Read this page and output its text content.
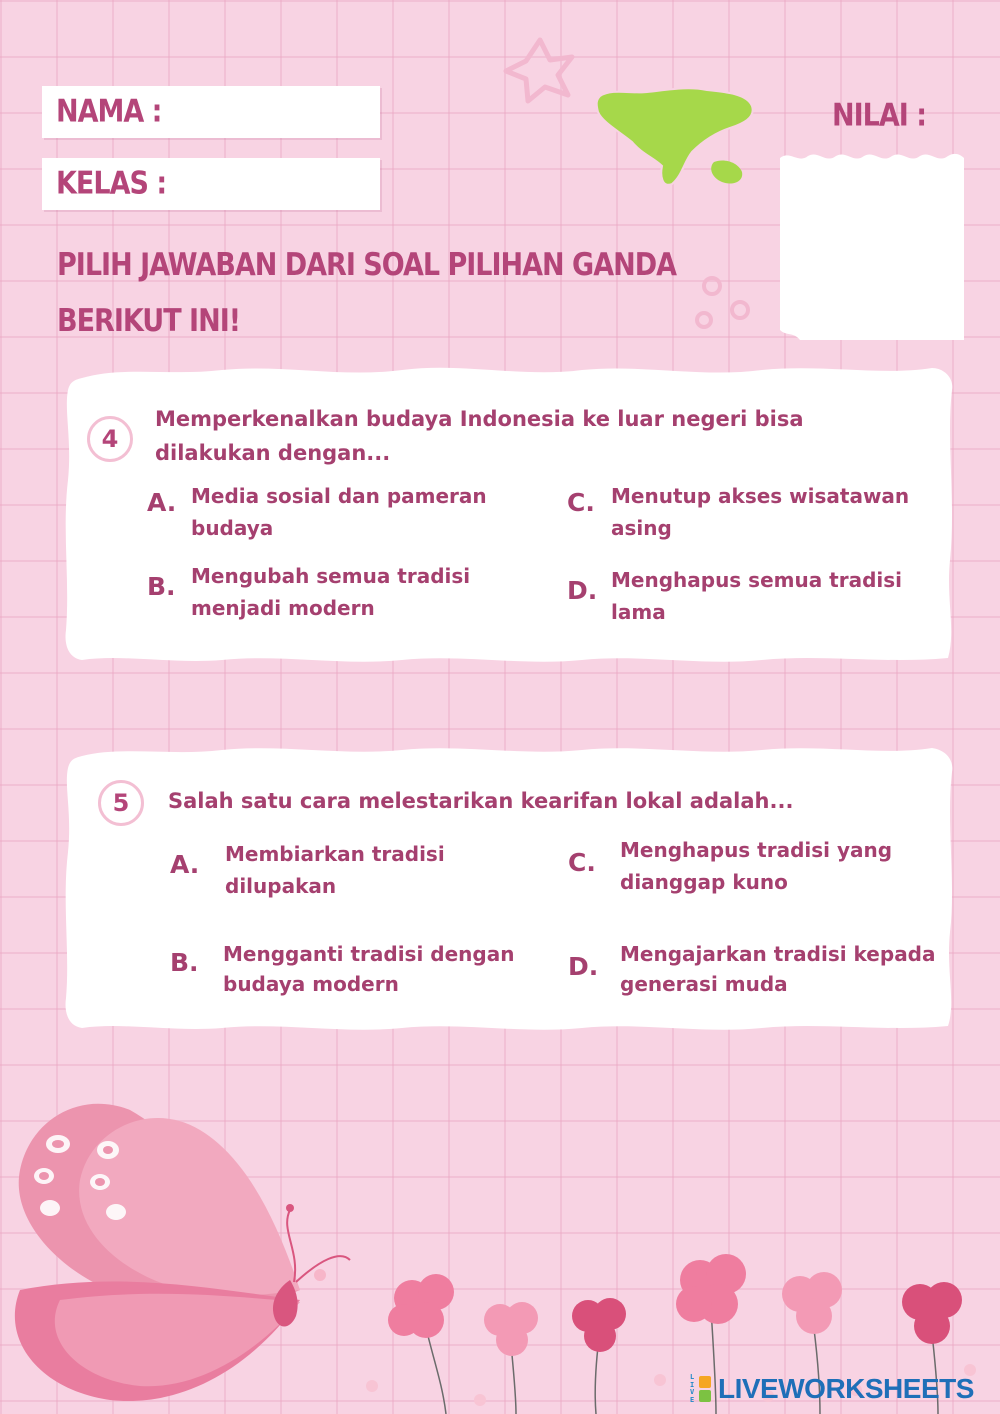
NAMA :
KELAS :
NILAI :
PILIH JAWABAN DARI SOAL PILIHAN GANDA
BERIKUT INI!
4
Memperkenalkan budaya Indonesia ke luar negeri bisa
dilakukan dengan...
A. Media sosial dan pameran
budaya
B. Mengubah semua tradisi
menjadi modern
C. Menutup akses wisatawan
asing
D. Menghapus semua tradisi
lama
5	Salah satu cara melestarikan kearifan lokal adalah...
A. Membiarkan tradisi
dilupakan
B. Mengganti tradisi dengan
budaya modern
C. Menghapus tradisi yang
dianggap kuno
D. Mengajarkan tradisi kepada
generasi muda
LIVE LIVEWORKSHEETS
